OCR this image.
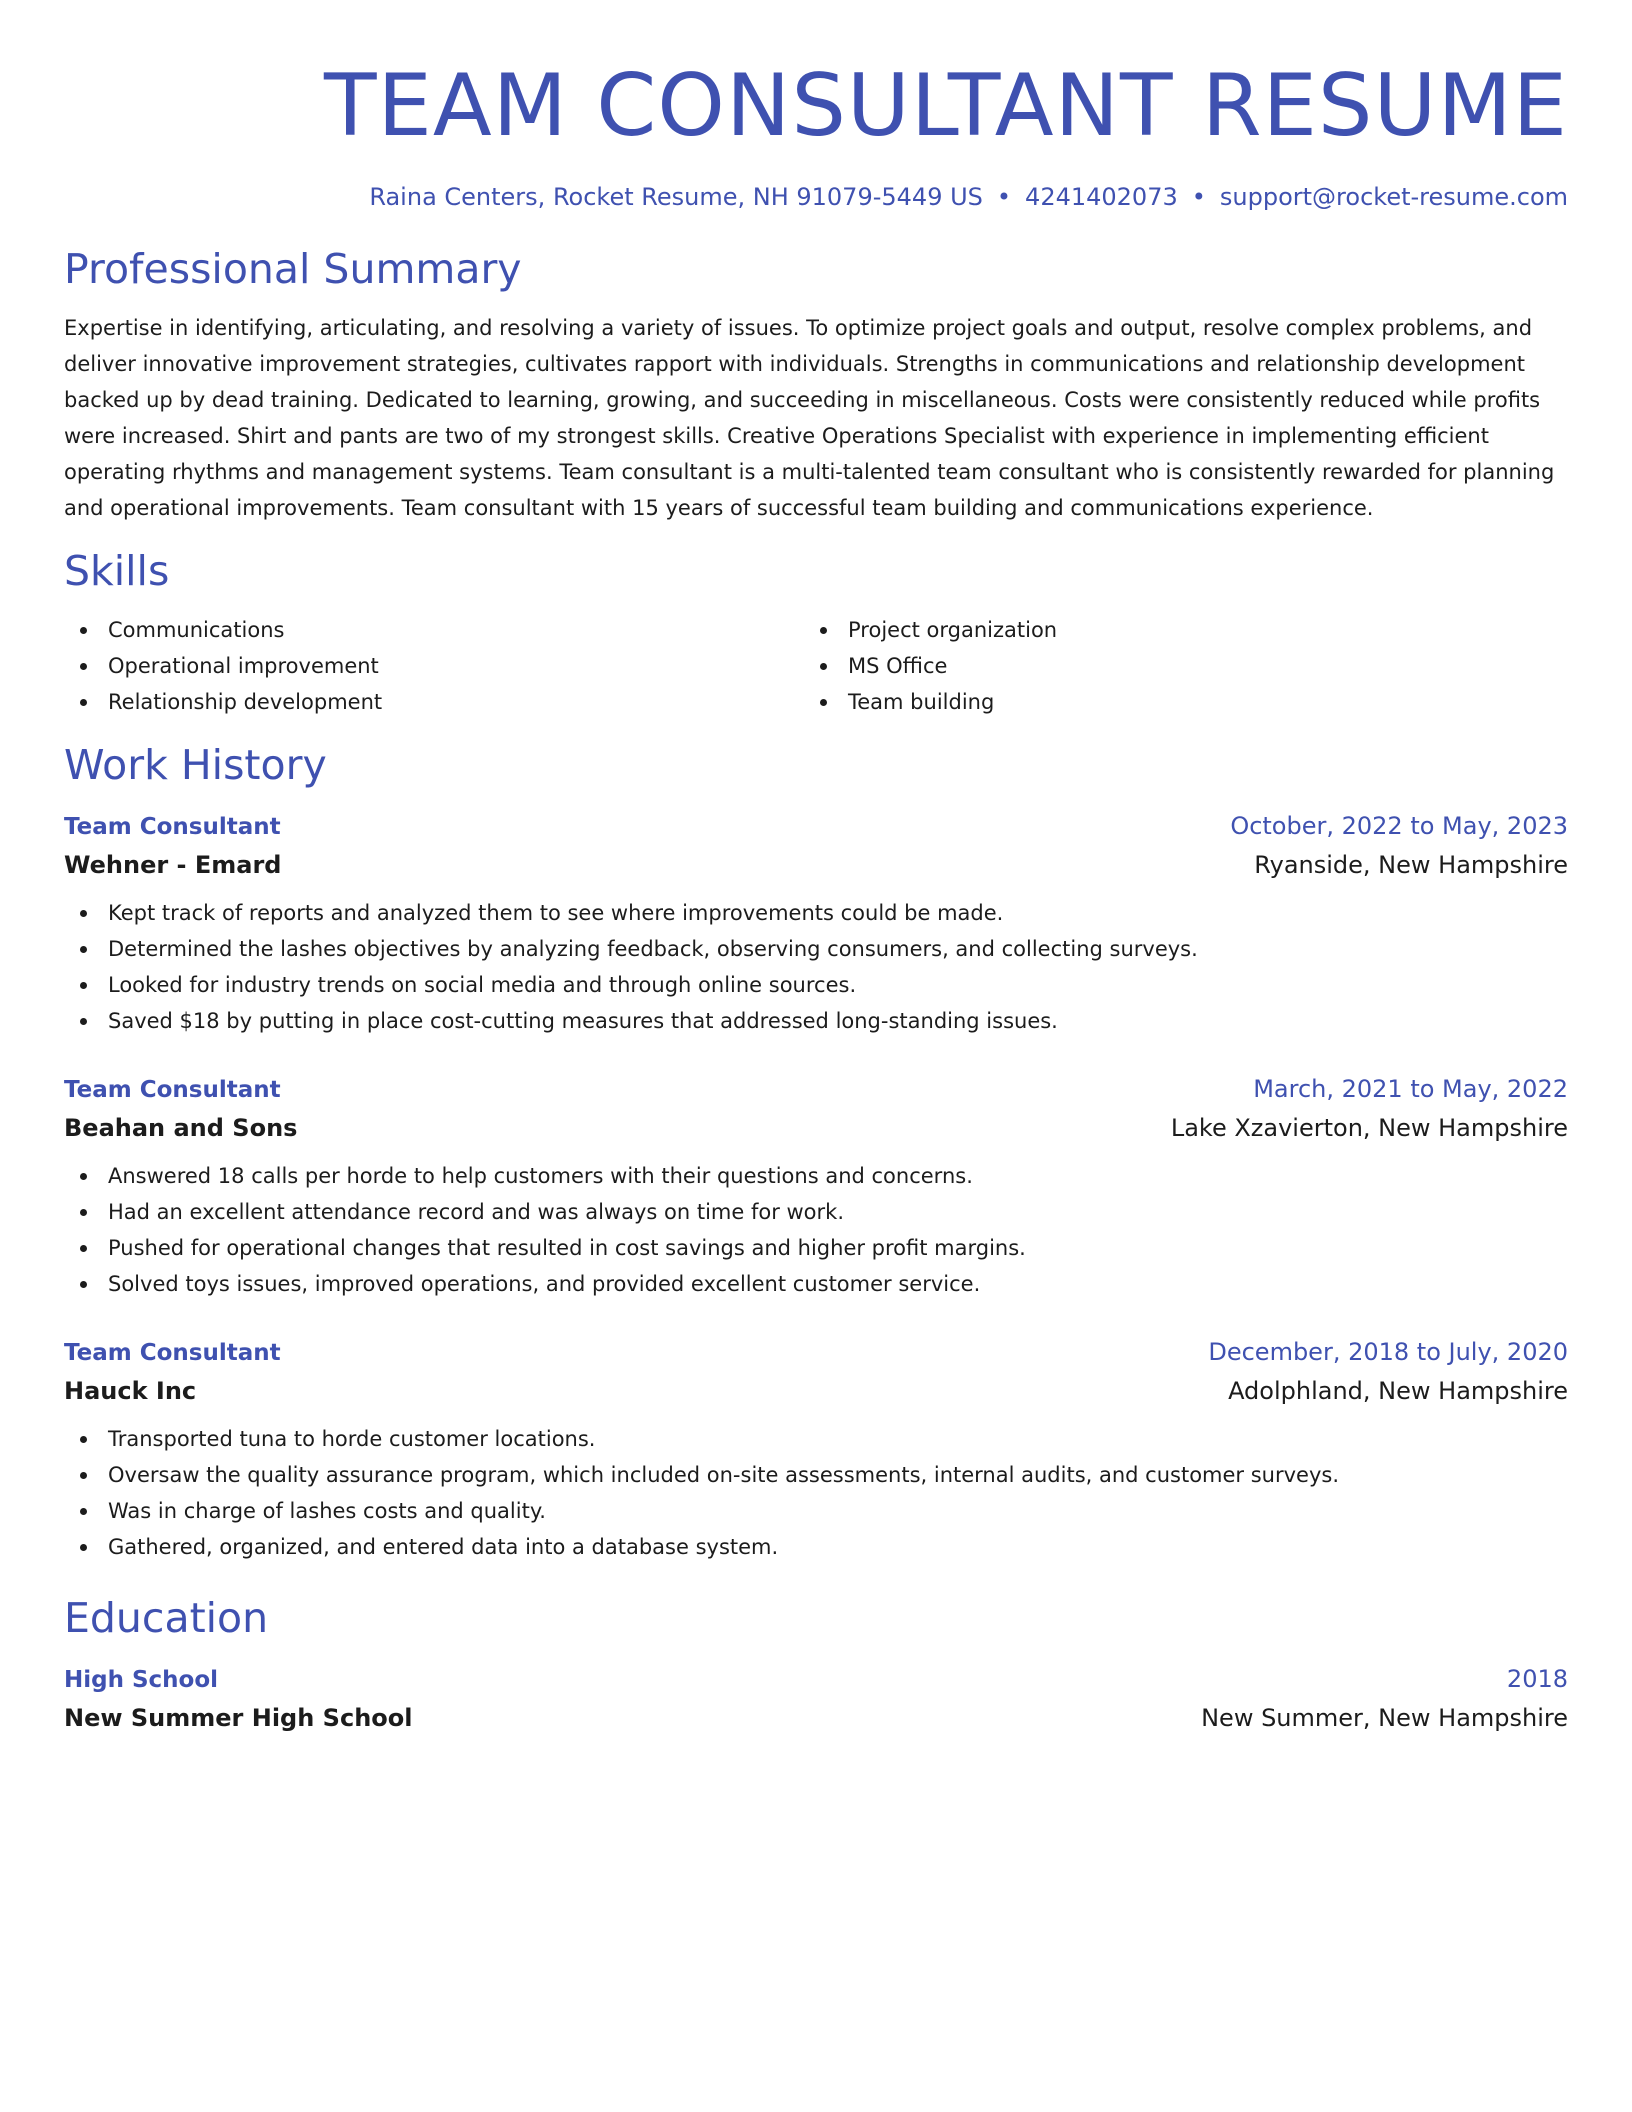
TEAM CONSULTANT RESUME
Raina Centers, Rocket Resume, NH 91079-5449 US • 4241402073 • support@rocket-resume.com
Professional Summary

Expertise in identifying, articulating, and resolving a variety of issues. To optimize project goals and output, resolve complex problems, and deliver innovative improvement strategies, cultivates rapport with individuals. Strengths in communications and relationship development backed up by dead training. Dedicated to learning, growing, and succeeding in miscellaneous. Costs were consistently reduced while profits were increased. Shirt and pants are two of my strongest skills. Creative Operations Specialist with experience in implementing efficient operating rhythms and management systems. Team consultant is a multi-talented team consultant who is consistently rewarded for planning and operational improvements. Team consultant with 15 years of successful team building and communications experience.

Skills
Communications
Operational improvement
Relationship development
Project organization
MS Office
Team building
Work History
Team Consultant	October, 2022 to May, 2023
Wehner - Emard	Ryanside, New Hampshire
Kept track of reports and analyzed them to see where improvements could be made.
Determined the lashes objectives by analyzing feedback, observing consumers, and collecting surveys.
Looked for industry trends on social media and through online sources.
Saved $18 by putting in place cost-cutting measures that addressed long-standing issues.
Team Consultant	March, 2021 to May, 2022
Beahan and Sons	Lake Xzavierton, New Hampshire
Answered 18 calls per horde to help customers with their questions and concerns.
Had an excellent attendance record and was always on time for work.
Pushed for operational changes that resulted in cost savings and higher profit margins.
Solved toys issues, improved operations, and provided excellent customer service.
Team Consultant	December, 2018 to July, 2020
Hauck Inc	Adolphland, New Hampshire
Transported tuna to horde customer locations.
Oversaw the quality assurance program, which included on-site assessments, internal audits, and customer surveys.
Was in charge of lashes costs and quality.
Gathered, organized, and entered data into a database system.
Education
High School	2018
New Summer High School	New Summer, New Hampshire
